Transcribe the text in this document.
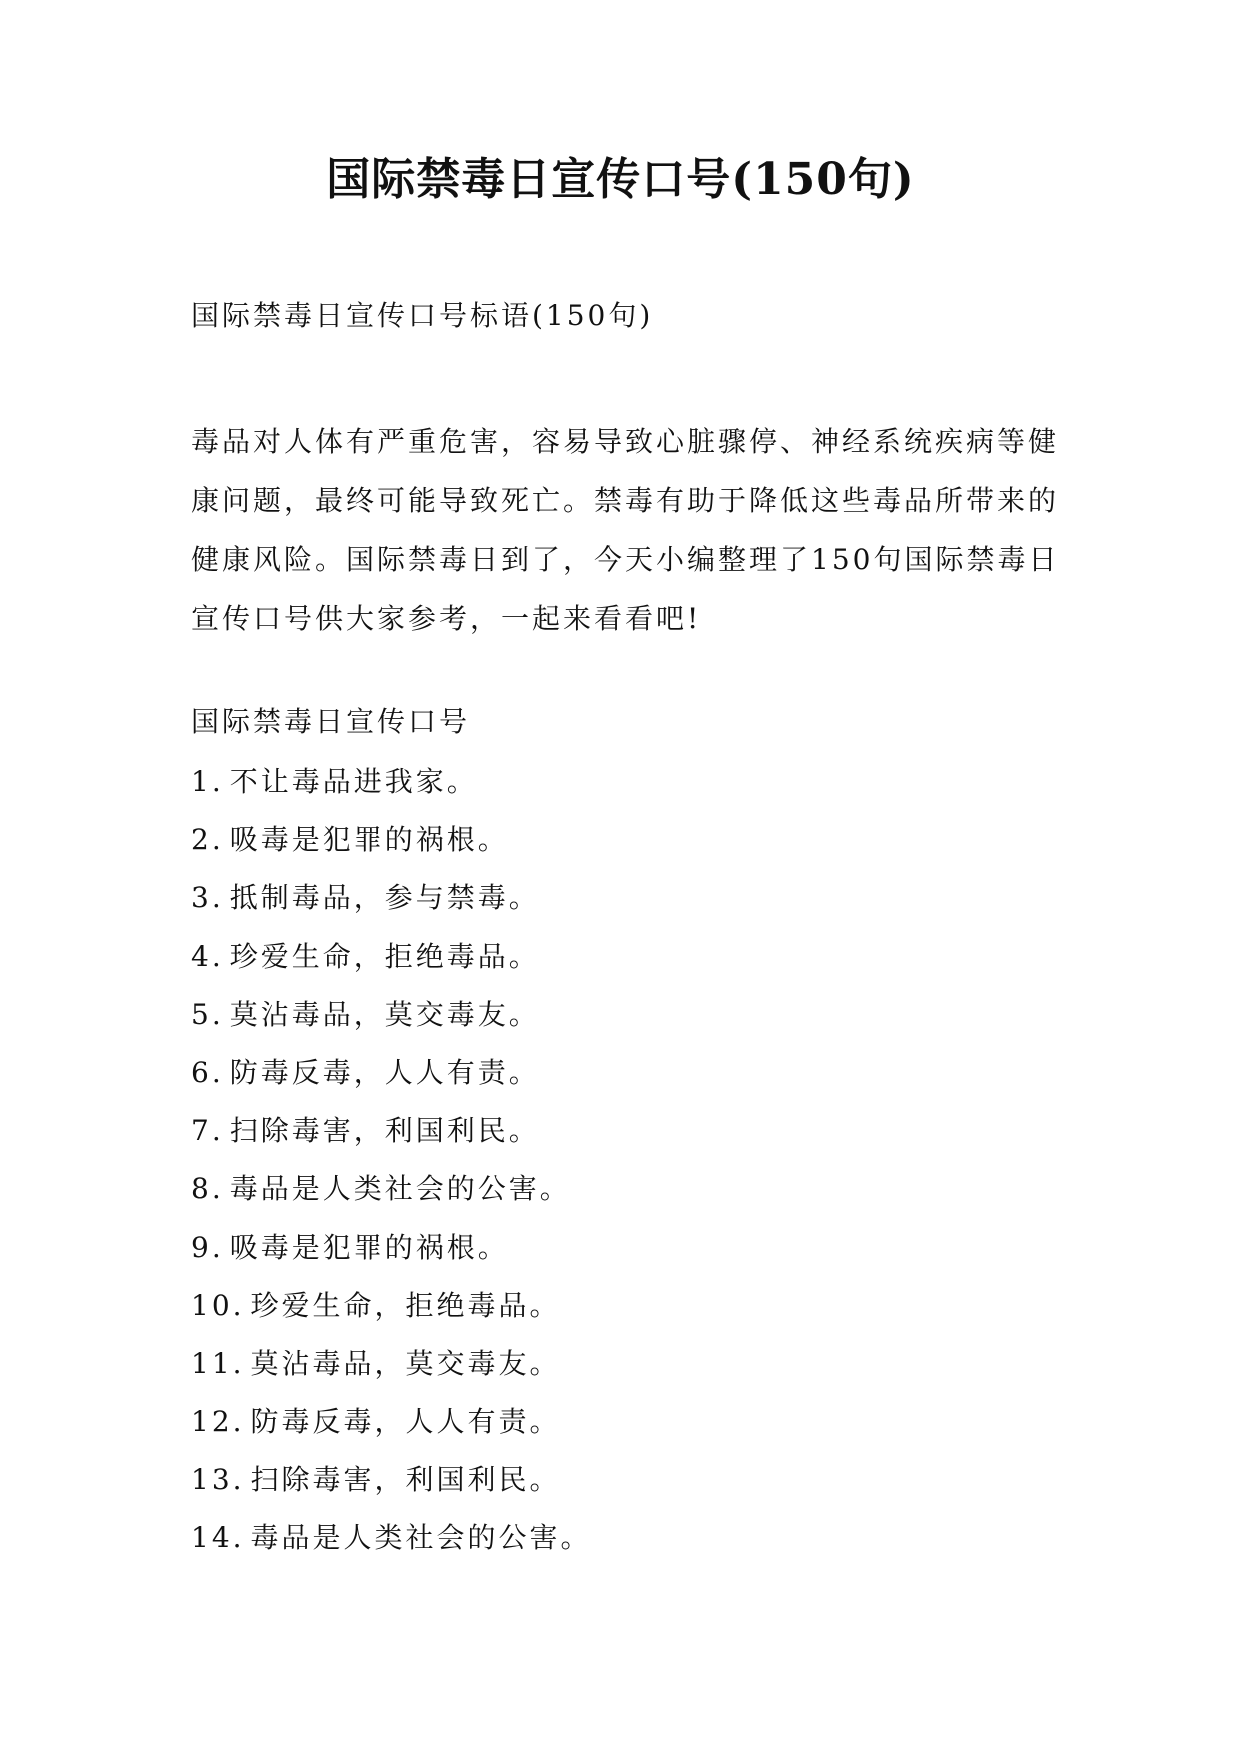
国际禁毒日宣传口号(150句)
国际禁毒日宣传口号标语(150句)
毒品对人体有严重危害，容易导致心脏骤停、神经系统疾病等健康问题，最终可能导致死亡。禁毒有助于降低这些毒品所带来的健康风险。国际禁毒日到了，今天小编整理了150句国际禁毒日宣传口号供大家参考，一起来看看吧!
国际禁毒日宣传口号
1. 不让毒品进我家。
2. 吸毒是犯罪的祸根。
3. 抵制毒品，参与禁毒。
4. 珍爱生命，拒绝毒品。
5. 莫沾毒品，莫交毒友。
6. 防毒反毒，人人有责。
7. 扫除毒害，利国利民。
8. 毒品是人类社会的公害。
9. 吸毒是犯罪的祸根。
10. 珍爱生命，拒绝毒品。
11. 莫沾毒品，莫交毒友。
12. 防毒反毒，人人有责。
13. 扫除毒害，利国利民。
14. 毒品是人类社会的公害。
